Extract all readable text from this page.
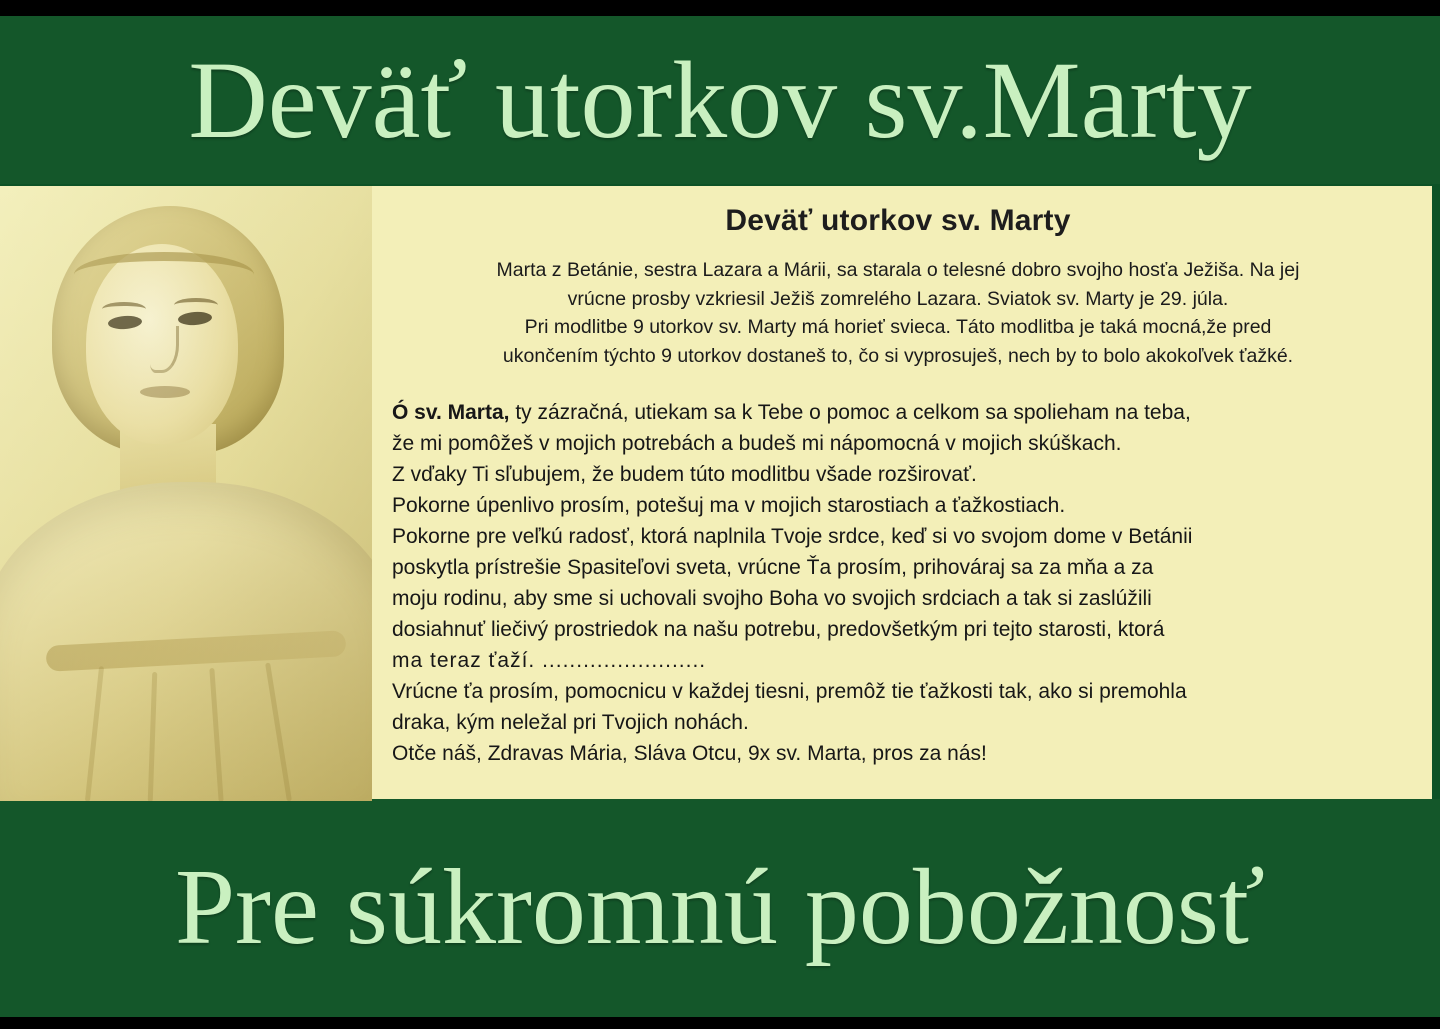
Deväť utorkov sv.Marty
Deväť utorkov sv. Marty
Marta z Betánie, sestra Lazara a Márii, sa starala o telesné dobro svojho hosťa Ježiša. Na jej
vrúcne prosby vzkriesil Ježiš zomrelého Lazara. Sviatok sv. Marty je 29. júla.
Pri modlitbe 9 utorkov sv. Marty má horieť svieca. Táto modlitba je taká mocná,že pred
ukončením týchto 9 utorkov dostaneš to, čo si vyprosuješ, nech by to bolo akokoľvek ťažké.

Ó sv. Marta, ty zázračná, utiekam sa k Tebe o pomoc a celkom sa spolieham na teba,

že mi pomôžeš v mojich potrebách a budeš mi nápomocná v mojich skúškach.

Z vďaky Ti sľubujem, že budem túto modlitbu všade rozširovať.

Pokorne úpenlivo prosím, potešuj ma v mojich starostiach a ťažkostiach.

Pokorne pre veľkú radosť, ktorá naplnila Tvoje srdce, keď si vo svojom dome v Betánii

poskytla prístrešie Spasiteľovi sveta, vrúcne Ťa prosím, prihováraj sa za mňa a za

moju rodinu, aby sme si uchovali svojho Boha vo svojich srdciach a tak si zaslúžili

dosiahnuť liečivý prostriedok na našu potrebu, predovšetkým pri tejto starosti, ktorá

ma teraz ťaží. ........................

Vrúcne ťa prosím, pomocnicu v každej tiesni, premôž tie ťažkosti tak, ako si premohla

draka, kým neležal pri Tvojich nohách.

Otče náš, Zdravas Mária, Sláva Otcu, 9x sv. Marta, pros za nás!

Pre súkromnú pobožnosť
